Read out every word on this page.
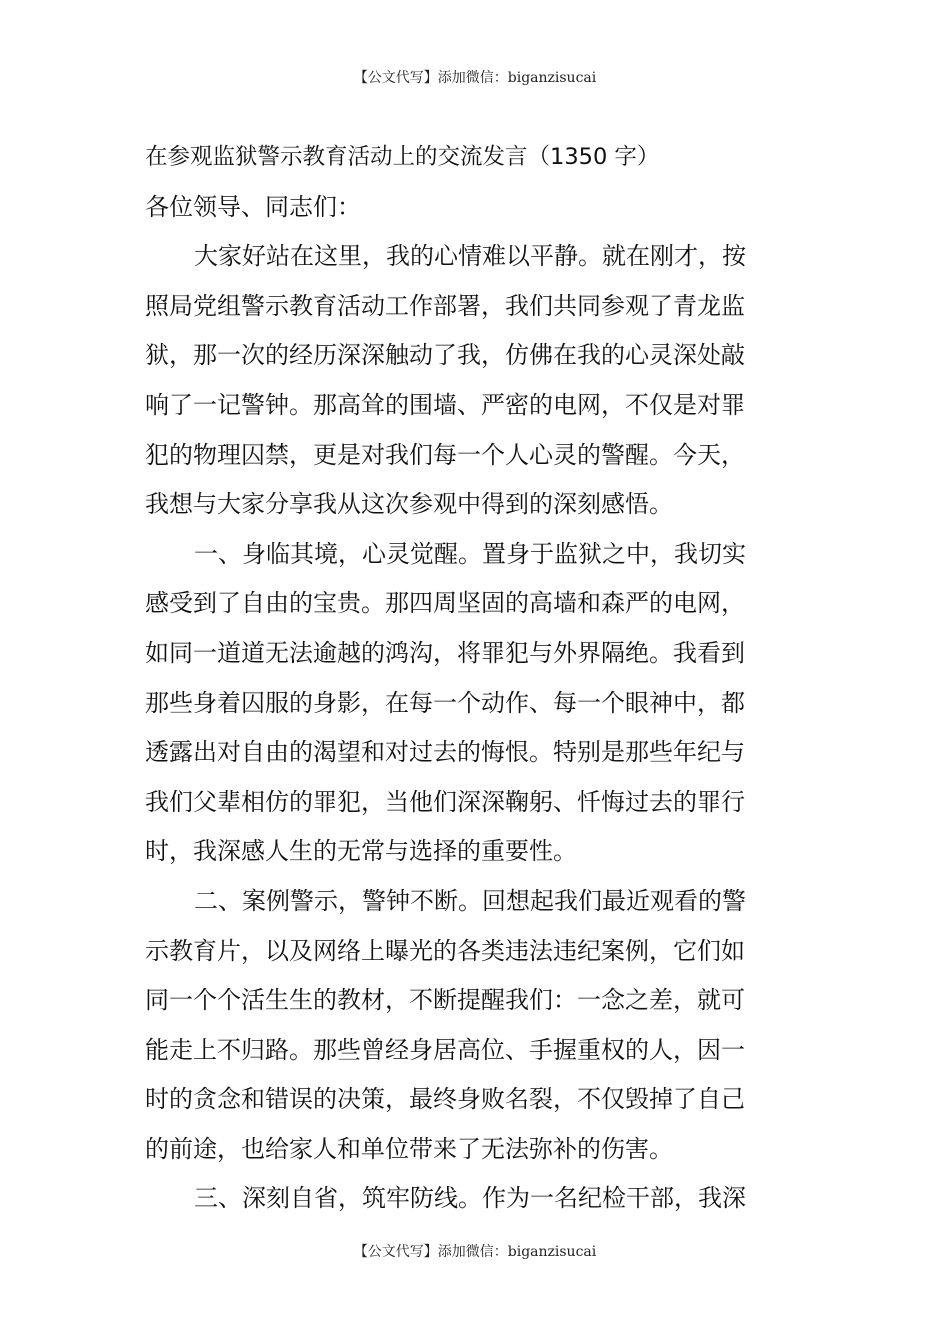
【公文代写】添加微信：biganzisucai
在参观监狱警示教育活动上的交流发言（1350 字）
各位领导、同志们：
大家好站在这里，我的心情难以平静。就在刚才，按
照局党组警示教育活动工作部署，我们共同参观了青龙监
狱，那一次的经历深深触动了我，仿佛在我的心灵深处敲
响了一记警钟。那高耸的围墙、严密的电网，不仅是对罪
犯的物理囚禁，更是对我们每一个人心灵的警醒。今天，
我想与大家分享我从这次参观中得到的深刻感悟。
一、身临其境，心灵觉醒。置身于监狱之中，我切实
感受到了自由的宝贵。那四周坚固的高墙和森严的电网，
如同一道道无法逾越的鸿沟，将罪犯与外界隔绝。我看到
那些身着囚服的身影，在每一个动作、每一个眼神中，都
透露出对自由的渴望和对过去的悔恨。特别是那些年纪与
我们父辈相仿的罪犯，当他们深深鞠躬、忏悔过去的罪行
时，我深感人生的无常与选择的重要性。
二、案例警示，警钟不断。回想起我们最近观看的警
示教育片，以及网络上曝光的各类违法违纪案例，它们如
同一个个活生生的教材，不断提醒我们：一念之差，就可
能走上不归路。那些曾经身居高位、手握重权的人，因一
时的贪念和错误的决策，最终身败名裂，不仅毁掉了自己
的前途，也给家人和单位带来了无法弥补的伤害。
三、深刻自省，筑牢防线。作为一名纪检干部，我深
【公文代写】添加微信：biganzisucai
